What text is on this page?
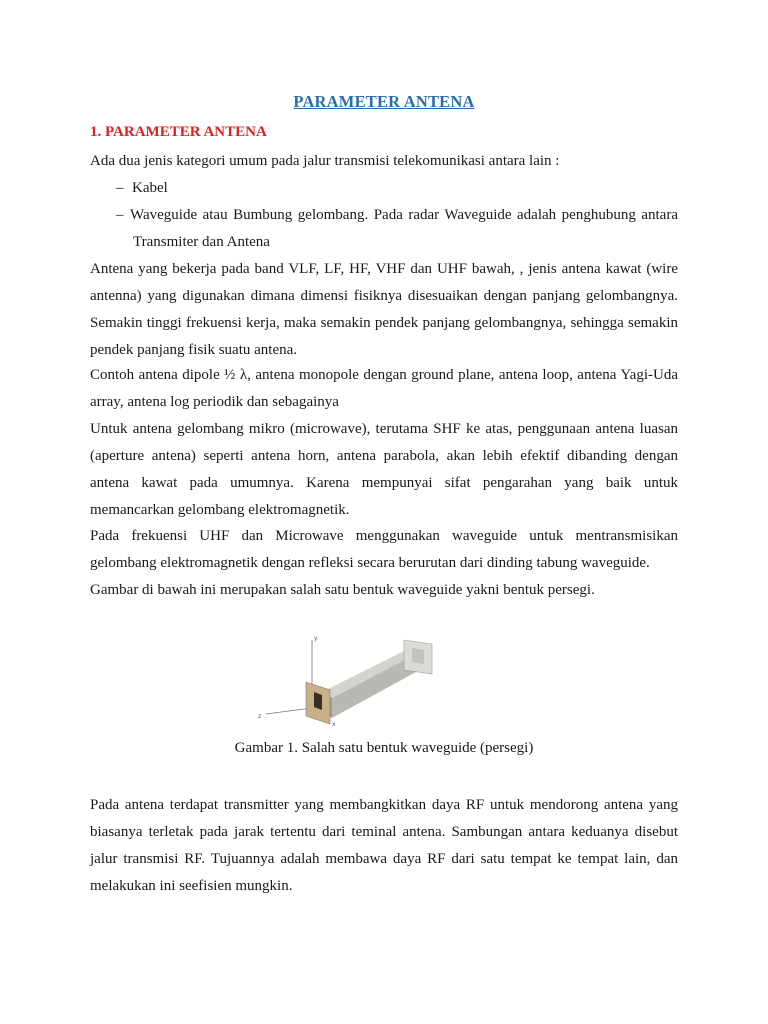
PARAMETER ANTENA
1. PARAMETER ANTENA
Ada dua jenis kategori umum pada jalur transmisi telekomunikasi antara lain :
– Kabel
– Waveguide atau Bumbung gelombang. Pada radar Waveguide adalah penghubung antara
Transmiter dan Antena
Antena yang bekerja pada band VLF, LF, HF, VHF dan UHF bawah, , jenis antena kawat (wire
antenna) yang digunakan dimana dimensi fisiknya disesuaikan dengan panjang gelombangnya.
Semakin tinggi frekuensi kerja, maka semakin pendek panjang gelombangnya, sehingga semakin
pendek panjang fisik suatu antena.
Contoh antena dipole ½ λ, antena monopole dengan ground plane, antena loop, antena Yagi-Uda
array, antena log periodik dan sebagainya
Untuk antena gelombang mikro (microwave), terutama SHF ke atas, penggunaan antena luasan
(aperture antena) seperti antena horn, antena parabola, akan lebih efektif dibanding dengan
antena kawat pada umumnya. Karena mempunyai sifat pengarahan yang baik untuk
memancarkan gelombang elektromagnetik.
Pada frekuensi UHF dan Microwave menggunakan waveguide untuk mentransmisikan
gelombang elektromagnetik dengan refleksi secara berurutan dari dinding tabung waveguide.
Gambar di bawah ini merupakan salah satu bentuk waveguide yakni bentuk persegi.
y
z
x
Gambar 1. Salah satu bentuk waveguide (persegi)
Pada antena terdapat transmitter yang membangkitkan daya RF untuk mendorong antena yang
biasanya terletak pada jarak tertentu dari teminal antena. Sambungan antara keduanya disebut
jalur transmisi RF. Tujuannya adalah membawa daya RF dari satu tempat ke tempat lain, dan
melakukan ini seefisien mungkin.
